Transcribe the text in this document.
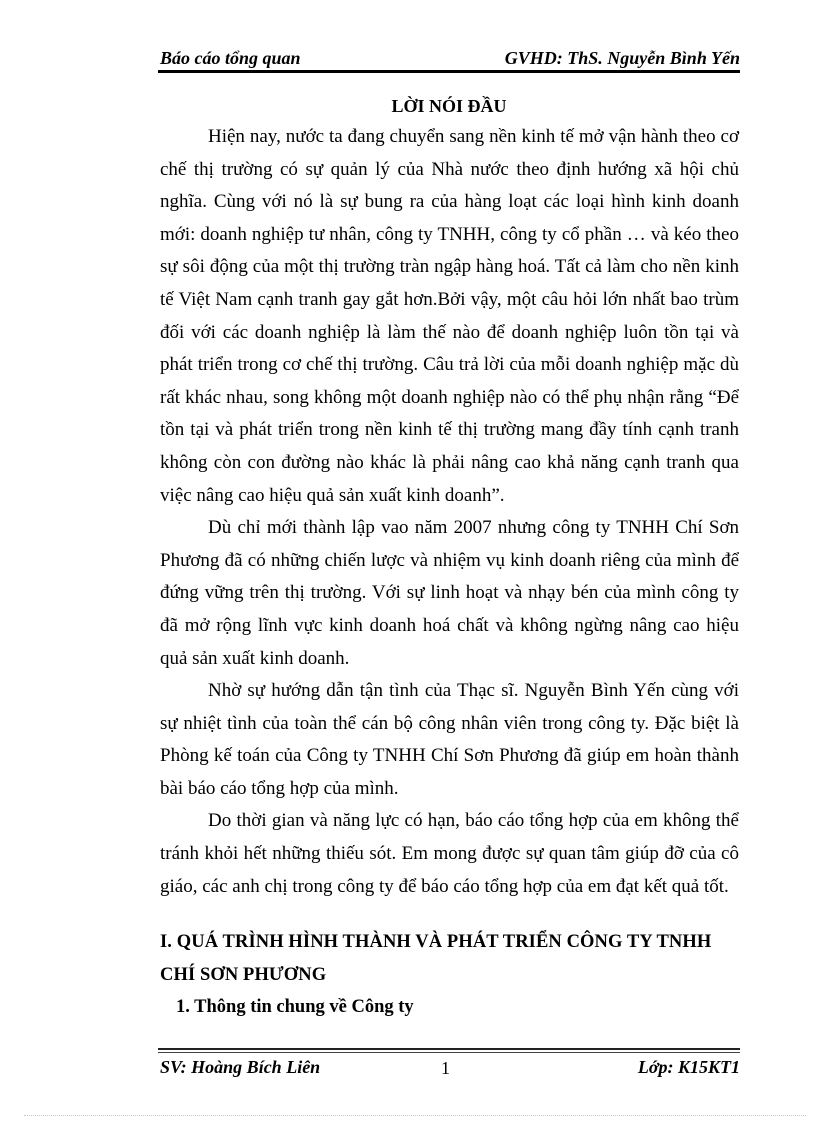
Báo cáo tổng quan	GVHD: ThS. Nguyễn Bình Yến
LỜI NÓI ĐẦU

Hiện nay, nước ta đang chuyển sang nền kinh tế mở vận hành theo cơ chế thị trường có sự quản lý của Nhà nước theo định hướng xã hội chủ nghĩa. Cùng với nó là sự bung ra của hàng loạt các loại hình kinh doanh mới: doanh nghiệp tư nhân, công ty TNHH, công ty cổ phần … và kéo theo sự sôi động của một thị trường tràn ngập hàng hoá. Tất cả làm cho nền kinh tế Việt Nam cạnh tranh gay gắt hơn.Bởi vậy, một câu hỏi lớn nhất bao trùm đối với các doanh nghiệp là làm thế nào để doanh nghiệp luôn tồn tại và phát triển trong cơ chế thị trường. Câu trả lời của mỗi doanh nghiệp mặc dù rất khác nhau, song không một doanh nghiệp nào có thể phụ nhận rằng “Để tồn tại và phát triển trong nền kinh tế thị trường mang đầy tính cạnh tranh không còn con đường nào khác là phải nâng cao khả năng cạnh tranh qua việc nâng cao hiệu quả sản xuất kinh doanh”.

Dù chỉ mới thành lập vao năm 2007 nhưng công ty TNHH Chí Sơn Phương đã có những chiến lược và nhiệm vụ kinh doanh riêng của mình để đứng vững trên thị trường. Với sự linh hoạt và nhạy bén của mình công ty đã mở rộng lĩnh vực kinh doanh hoá chất và không ngừng nâng cao hiệu quả sản xuất kinh doanh.

Nhờ sự hướng dẫn tận tình của Thạc sĩ. Nguyễn Bình Yến cùng với sự nhiệt tình của toàn thể cán bộ công nhân viên trong công ty. Đặc biệt là Phòng kế toán của Công ty TNHH Chí Sơn Phương đã giúp em hoàn thành bài báo cáo tổng hợp của mình.

Do thời gian và năng lực có hạn, báo cáo tổng hợp của em không thể tránh khỏi hết những thiếu sót. Em mong được sự quan tâm giúp đỡ của cô giáo, các anh chị trong công ty để báo cáo tổng hợp của em đạt kết quả tốt.

I. QUÁ TRÌNH HÌNH THÀNH VÀ PHÁT TRIỂN CÔNG TY TNHH
CHÍ SƠN PHƯƠNG
1. Thông tin chung về Công ty
SV: Hoàng Bích Liên	1	Lớp: K15KT1
